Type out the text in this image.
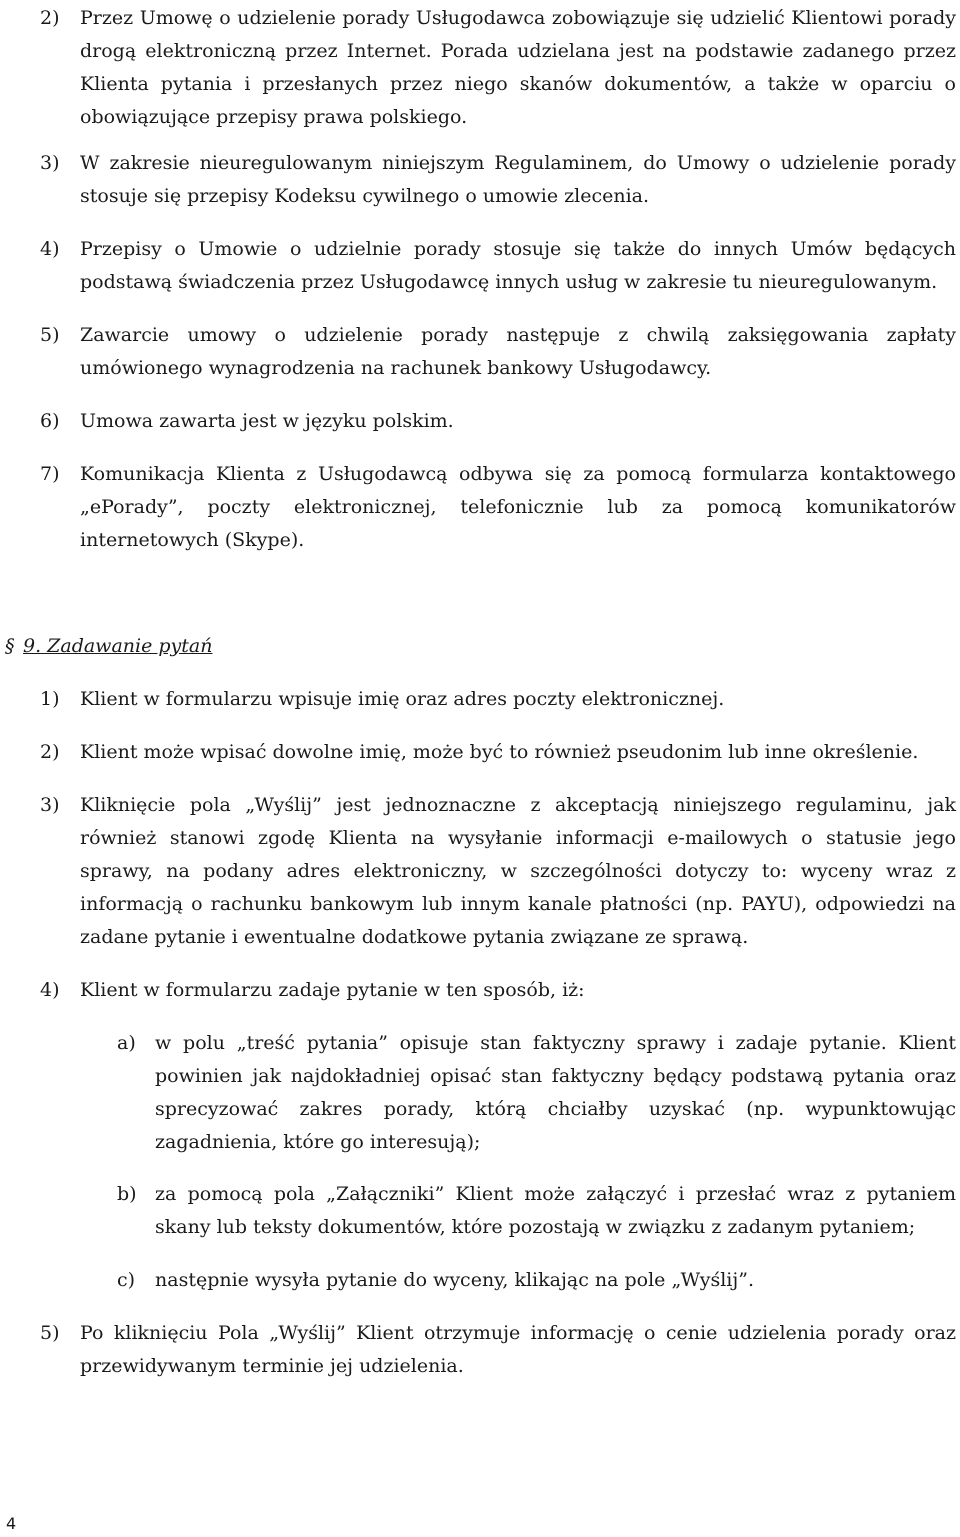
2)	Przez Umowę o udzielenie porady Usługodawca zobowiązuje się udzielić Klientowi porady drogą elektroniczną przez Internet. Porada udzielana jest na podstawie zadanego przez Klienta pytania i przesłanych przez niego skanów dokumentów, a także w oparciu o obowiązujące przepisy prawa polskiego.
3)	W zakresie nieuregulowanym niniejszym Regulaminem, do Umowy o udzielenie porady stosuje się przepisy Kodeksu cywilnego o umowie zlecenia.
4)	Przepisy o Umowie o udzielnie porady stosuje się także do innych Umów będących podstawą świadczenia przez Usługodawcę innych usług w zakresie tu nieuregulowanym.
5)	Zawarcie umowy o udzielenie porady następuje z chwilą zaksięgowania zapłaty umówionego wynagrodzenia na rachunek bankowy Usługodawcy.
6)	Umowa zawarta jest w języku polskim.
7)	Komunikacja Klienta z Usługodawcą odbywa się za pomocą formularza kontaktowego „ePorady”, poczty elektronicznej, telefonicznie lub za pomocą komunikatorów internetowych (Skype).
§ 9. Zadawanie pytań
1)	Klient w formularzu wpisuje imię oraz adres poczty elektronicznej.
2)	Klient może wpisać dowolne imię, może być to również pseudonim lub inne określenie.
3)	Kliknięcie pola „Wyślij” jest jednoznaczne z akceptacją niniejszego regulaminu, jak również stanowi zgodę Klienta na wysyłanie informacji e-mailowych o statusie jego sprawy, na podany adres elektroniczny, w szczególności dotyczy to: wyceny wraz z informacją o rachunku bankowym lub innym kanale płatności (np. PAYU), odpowiedzi na zadane pytanie i ewentualne dodatkowe pytania związane ze sprawą.
4)	Klient w formularzu zadaje pytanie w ten sposób, iż:
a)	w polu „treść pytania” opisuje stan faktyczny sprawy i zadaje pytanie. Klient powinien jak najdokładniej opisać stan faktyczny będący podstawą pytania oraz sprecyzować zakres porady, którą chciałby uzyskać (np. wypunktowując zagadnienia, które go interesują);
b) za pomocą pola „Załączniki” Klient może załączyć i przesłać wraz z pytaniem skany lub teksty dokumentów, które pozostają w związku z zadanym pytaniem;
c)	następnie wysyła pytanie do wyceny, klikając na pole „Wyślij”.
5)	Po kliknięciu Pola „Wyślij” Klient otrzymuje informację o cenie udzielenia porady oraz przewidywanym terminie jej udzielenia.
4
